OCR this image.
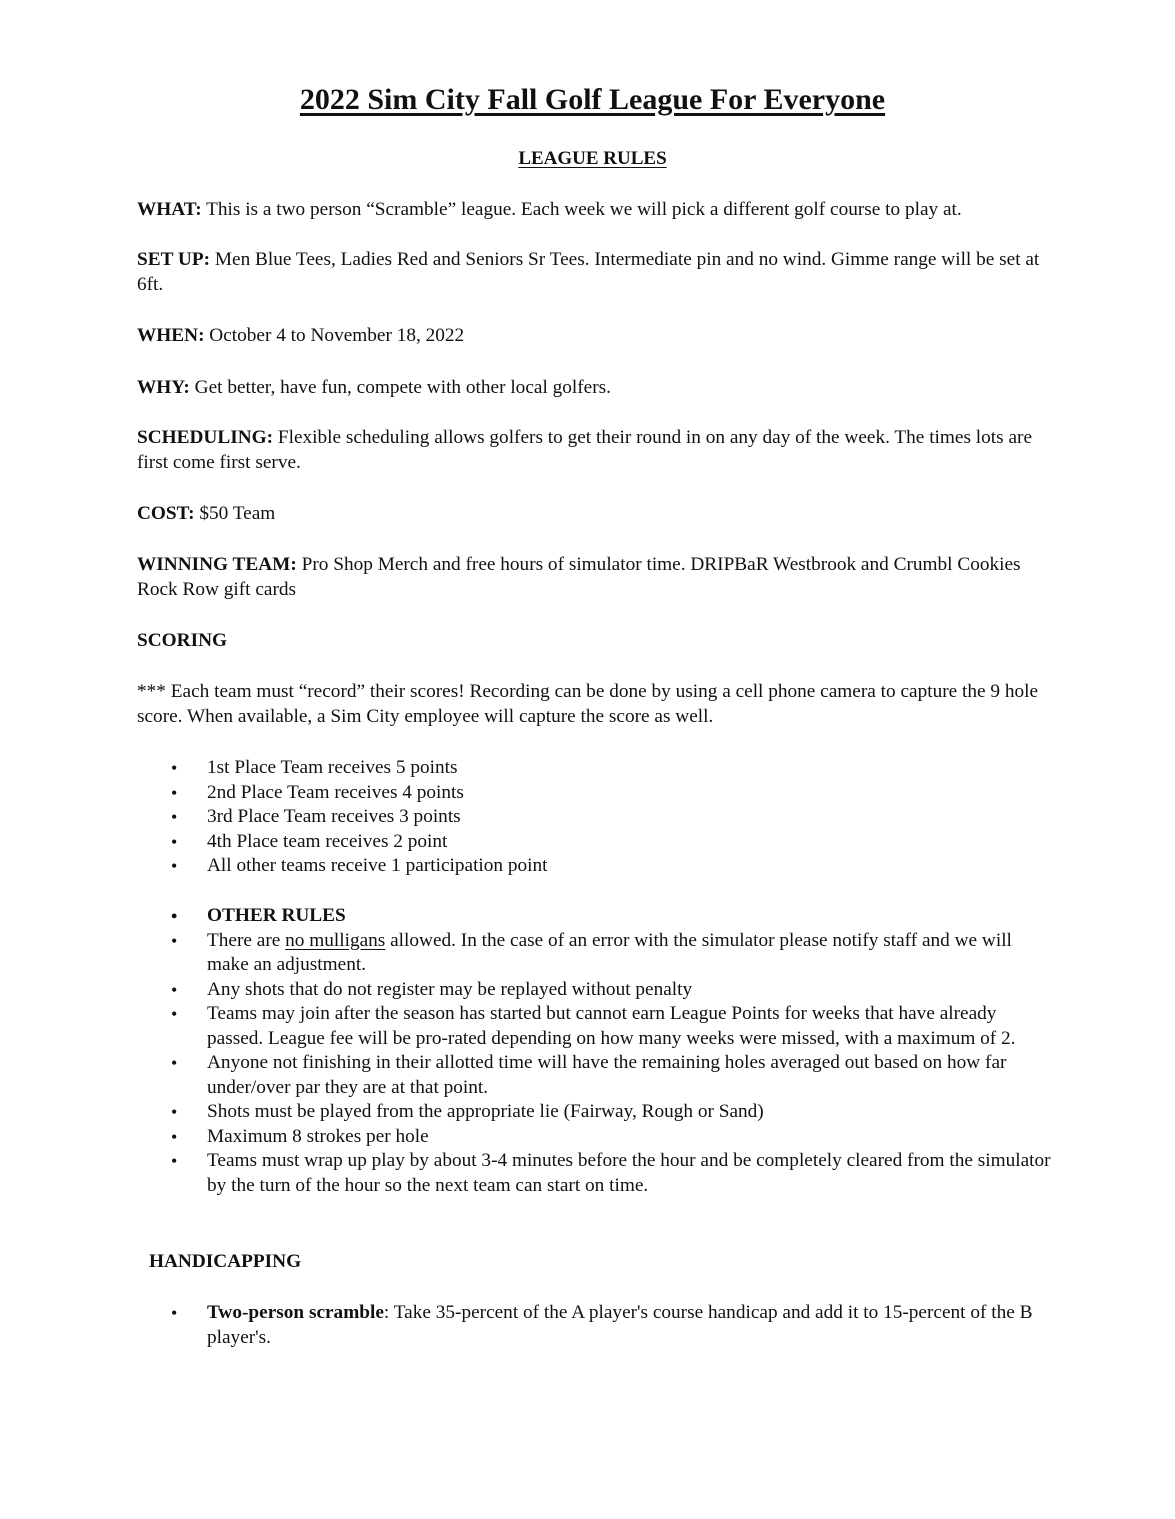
2022 Sim City Fall Golf League For Everyone
LEAGUE RULES
WHAT: This is a two person “Scramble” league. Each week we will pick a different golf course to play at.
SET UP: Men Blue Tees, Ladies Red and Seniors Sr Tees. Intermediate pin and no wind. Gimme range will be set at 6ft.
WHEN: October 4 to November 18, 2022
WHY: Get better, have fun, compete with other local golfers.
SCHEDULING: Flexible scheduling allows golfers to get their round in on any day of the week. The times lots are first come first serve.
COST: $50 Team
WINNING TEAM: Pro Shop Merch and free hours of simulator time. DRIPBaR Westbrook and Crumbl Cookies Rock Row gift cards
SCORING
*** Each team must “record” their scores! Recording can be done by using a cell phone camera to capture the 9 hole score. When available, a Sim City employee will capture the score as well.
• 1st Place Team receives 5 points
• 2nd Place Team receives 4 points
• 3rd Place Team receives 3 points
• 4th Place team receives 2 point
• All other teams receive 1 participation point
• OTHER RULES
• There are no mulligans allowed. In the case of an error with the simulator please notify staff and we will make an adjustment.
• Any shots that do not register may be replayed without penalty
• Teams may join after the season has started but cannot earn League Points for weeks that have already passed. League fee will be pro-rated depending on how many weeks were missed, with a maximum of 2.
• Anyone not finishing in their allotted time will have the remaining holes averaged out based on how far under/over par they are at that point.
• Shots must be played from the appropriate lie (Fairway, Rough or Sand)
• Maximum 8 strokes per hole
• Teams must wrap up play by about 3-4 minutes before the hour and be completely cleared from the simulator by the turn of the hour so the next team can start on time.
HANDICAPPING
• Two-person scramble: Take 35-percent of the A player's course handicap and add it to 15-percent of the B player's.
